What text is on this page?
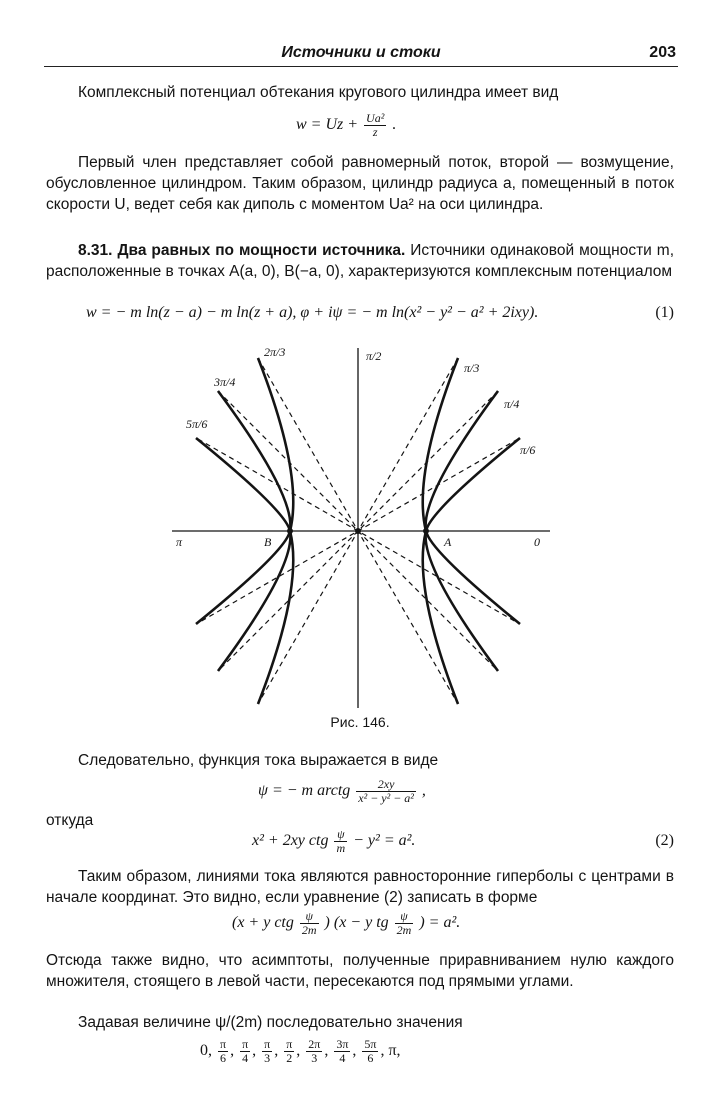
Источники и стоки	203
Комплексный потенциал обтекания кругового цилиндра имеет вид
$w = Uz + \frac{\text{Ua²}}{z}$ .
Первый член представляет собой равномерный поток, второй — возмущение, обусловленное цилиндром. Таким образом, цилиндр радиуса a, помещенный в поток скорости U, ведет себя как диполь с моментом Ua² на оси цилиндра.
8.31. Два равных по мощности источника. Источники одинаковой мощности m, расположенные в точках A(a, 0), B(−a, 0), характеризуются комплексным потенциалом
w = − m ln(z − a) − m ln(z + a), φ + iψ = − m ln(x² − y² − a² + 2ixy).	(1)
π/2
2π/3
3π/4
5π/6
π/3
π/4
π/6
π	0
A
B
Рис. 146.
Следовательно, функция тока выражается в виде
ψ = − m arctg $\frac{2xy}{\text{x² − y² − a²}}$ ,
откуда
x² + 2xy ctg $\frac{\psi}{m} - y^2 = a^2$.	(2)
Таким образом, линиями тока являются равносторонние гиперболы с центрами в начале координат. Это видно, если уравнение (2) записать в форме
(x + y ctg $\frac{\psi}{2m}$ ) (x − y tg $\frac{\psi}{2m}$ ) = a².
Отсюда также видно, что асимптоты, полученные приравниванием нулю каждого множителя, стоящего в левой части, пересекаются под прямыми углами.
Задавая величине ψ/(2m) последовательно значения
0, $\frac{\pi}{6}$ , $\frac{\pi}{4}$ , $\frac{\pi}{3}$ , $\frac{\pi}{2}$ , $\frac{2\pi}{3}$ , $\frac{3\pi}{4}$ , $\frac{5\pi}{6}$ , π,
